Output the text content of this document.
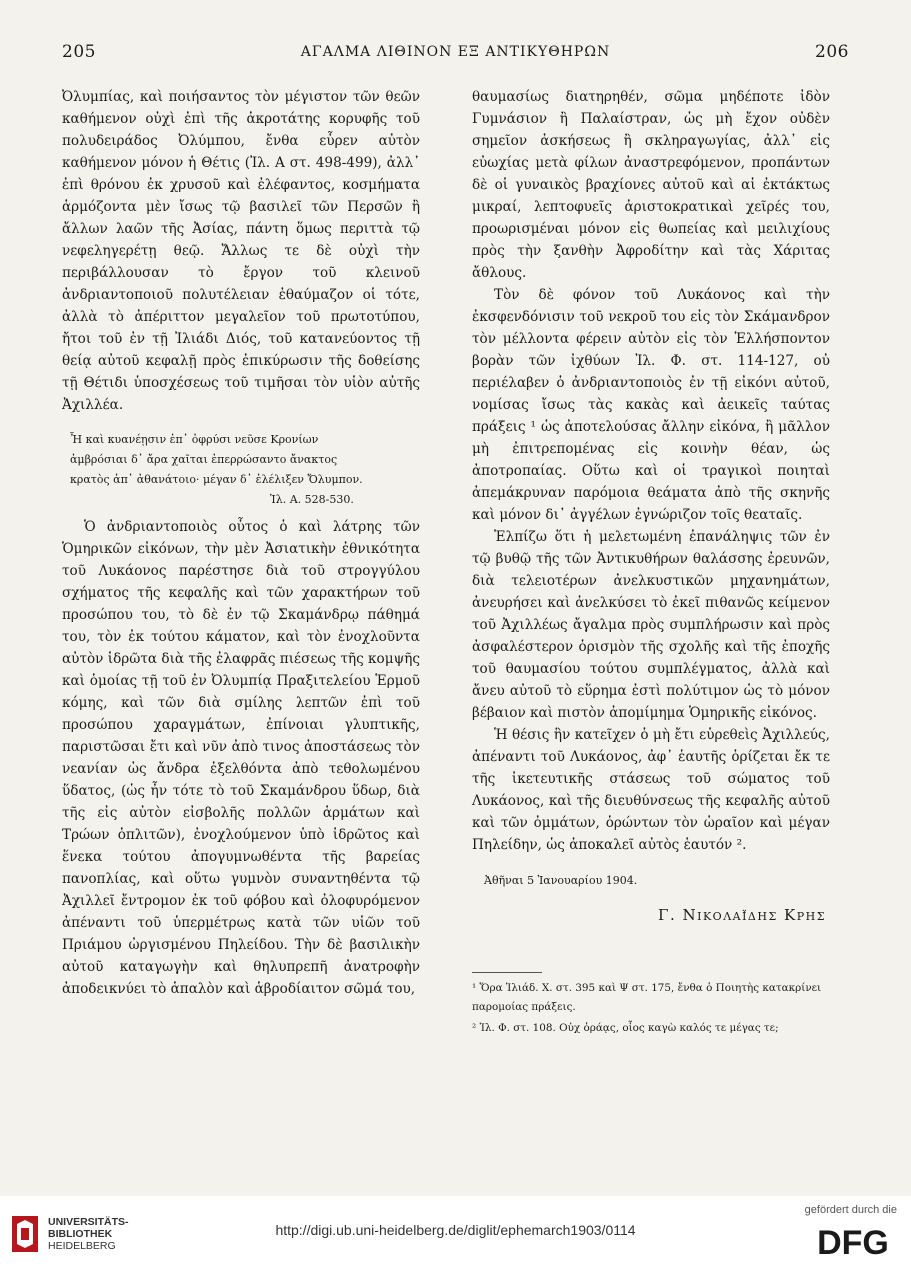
205	ΑΓΑΛΜΑ ΛΙΘΙΝΟΝ ΕΞ ΑΝΤΙΚΥΘΗΡΩΝ	206

Ὀλυμπίας, καὶ ποιήσαντος τὸν μέγιστον τῶν θεῶν καθήμενον οὐχὶ ἐπὶ τῆς ἀκροτάτης κορυφῆς τοῦ πολυδειράδος Ὀλύμπου, ἔνθα εὗρεν αὐτὸν καθήμενον μόνον ἡ Θέτις (Ἰλ. Α στ. 498-499), ἀλλ᾽ ἐπὶ θρόνου ἐκ χρυσοῦ καὶ ἐλέφαντος, κοσμήματα ἁρμόζοντα μὲν ἴσως τῷ βασιλεῖ τῶν Περσῶν ἢ ἄλλων λαῶν τῆς Ἀσίας, πάντη ὅμως περιττὰ τῷ νεφεληγερέτῃ θεῷ. Ἄλλως τε δὲ οὐχὶ τὴν περιβάλλουσαν τὸ ἔργον τοῦ κλεινοῦ ἀνδριαντοποιοῦ πολυτέλειαν ἐθαύμαζον οἱ τότε, ἀλλὰ τὸ ἀπέριττον μεγαλεῖον τοῦ πρωτοτύπου, ἤτοι τοῦ ἐν τῇ Ἰλιάδι Διός, τοῦ κατανεύοντος τῇ θείᾳ αὐτοῦ κεφαλῇ πρὸς ἐπικύρωσιν τῆς δοθείσης τῇ Θέτιδι ὑποσχέσεως τοῦ τιμῆσαι τὸν υἱὸν αὐτῆς Ἀχιλλέα.

Ἦ καὶ κυανέῃσιν ἐπ᾽ ὀφρύσι νεῦσε Κρονίων
ἀμβρόσιαι δ᾽ ἄρα χαῖται ἐπερρώσαντο ἄνακτος
κρατὸς ἀπ᾽ ἀθανάτοιο· μέγαν δ᾽ ἐλέλιξεν Ὄλυμπον.
Ἰλ. Α. 528-530.

Ὁ ἀνδριαντοποιὸς οὗτος ὁ καὶ λάτρης τῶν Ὁμηρικῶν εἰκόνων, τὴν μὲν Ἀσιατικὴν ἐθνικότητα τοῦ Λυκάονος παρέστησε διὰ τοῦ στρογγύλου σχήματος τῆς κεφαλῆς καὶ τῶν χαρακτήρων τοῦ προσώπου του, τὸ δὲ ἐν τῷ Σκαμάνδρῳ πάθημά του, τὸν ἐκ τούτου κάματον, καὶ τὸν ἐνοχλοῦντα αὐτὸν ἱδρῶτα διὰ τῆς ἐλαφρᾶς πιέσεως τῆς κομψῆς καὶ ὁμοίας τῇ τοῦ ἐν Ὀλυμπίᾳ Πραξιτελείου Ἑρμοῦ κόμης, καὶ τῶν διὰ σμίλης λεπτῶν ἐπὶ τοῦ προσώπου χαραγμάτων, ἐπίνοιαι γλυπτικῆς, παριστῶσαι ἔτι καὶ νῦν ἀπὸ τινος ἀποστάσεως τὸν νεανίαν ὡς ἄνδρα ἐξελθόντα ἀπὸ τεθολωμένου ὕδατος, (ὡς ἦν τότε τὸ τοῦ Σκαμάνδρου ὕδωρ, διὰ τῆς εἰς αὐτὸν εἰσβολῆς πολλῶν ἁρμάτων καὶ Τρώων ὁπλιτῶν), ἐνοχλούμενον ὑπὸ ἱδρῶτος καὶ ἕνεκα τούτου ἀπογυμνωθέντα τῆς βαρείας πανοπλίας, καὶ οὕτω γυμνὸν συναντηθέντα τῷ Ἀχιλλεῖ ἔντρομον ἐκ τοῦ φόβου καὶ ὀλοφυρόμενον ἀπέναντι τοῦ ὑπερμέτρως κατὰ τῶν υἱῶν τοῦ Πριάμου ὠργισμένου Πηλείδου. Τὴν δὲ βασιλικὴν αὐτοῦ καταγωγὴν καὶ θηλυπρεπῆ ἀνατροφὴν ἀποδεικνύει τὸ ἁπαλὸν καὶ ἁβροδίαιτον σῶμά του,

θαυμασίως διατηρηθέν, σῶμα μηδέποτε ἰδὸν Γυμνάσιον ἢ Παλαίστραν, ὡς μὴ ἔχον οὐδὲν σημεῖον ἀσκήσεως ἢ σκληραγωγίας, ἀλλ᾽ εἰς εὐωχίας μετὰ φίλων ἀναστρεφόμενον, προπάντων δὲ οἱ γυναικὸς βραχίονες αὐτοῦ καὶ αἱ ἐκτάκτως μικραί, λεπτοφυεῖς ἀριστοκρατικαὶ χεῖρές του, προωρισμέναι μόνον εἰς θωπείας καὶ μειλιχίους πρὸς τὴν ξανθὴν Ἀφροδίτην καὶ τὰς Χάριτας ἄθλους.

Τὸν δὲ φόνον τοῦ Λυκάονος καὶ τὴν ἐκσφενδόνισιν τοῦ νεκροῦ του εἰς τὸν Σκάμανδρον τὸν μέλλοντα φέρειν αὐτὸν εἰς τὸν Ἑλλήσποντον βορὰν τῶν ἰχθύων Ἰλ. Φ. στ. 114-127, οὐ περιέλαβεν ὁ ἀνδριαντοποιὸς ἐν τῇ εἰκόνι αὐτοῦ, νομίσας ἴσως τὰς κακὰς καὶ ἀεικεῖς ταύτας πράξεις ¹ ὡς ἀποτελούσας ἄλλην εἰκόνα, ἢ μᾶλλον μὴ ἐπιτρεπομένας εἰς κοινὴν θέαν, ὡς ἀποτροπαίας. Οὕτω καὶ οἱ τραγικοὶ ποιηταὶ ἀπεμάκρυναν παρόμοια θεάματα ἀπὸ τῆς σκηνῆς καὶ μόνον δι᾽ ἀγγέλων ἐγνώριζον τοῖς θεαταῖς.

Ἐλπίζω ὅτι ἡ μελετωμένη ἐπανάληψις τῶν ἐν τῷ βυθῷ τῆς τῶν Ἀντικυθήρων θαλάσσης ἐρευνῶν, διὰ τελειοτέρων ἀνελκυστικῶν μηχανημάτων, ἀνευρήσει καὶ ἀνελκύσει τὸ ἐκεῖ πιθανῶς κείμενον τοῦ Ἀχιλλέως ἄγαλμα πρὸς συμπλήρωσιν καὶ πρὸς ἀσφαλέστερον ὁρισμὸν τῆς σχολῆς καὶ τῆς ἐποχῆς τοῦ θαυμασίου τούτου συμπλέγματος, ἀλλὰ καὶ ἄνευ αὐτοῦ τὸ εὕρημα ἐστὶ πολύτιμον ὡς τὸ μόνον βέβαιον καὶ πιστὸν ἀπομίμημα Ὁμηρικῆς εἰκόνος.

Ἡ θέσις ἣν κατεῖχεν ὁ μὴ ἔτι εὑρεθεὶς Ἀχιλλεύς, ἀπέναντι τοῦ Λυκάονος, ἀφ᾽ ἑαυτῆς ὁρίζεται ἔκ τε τῆς ἱκετευτικῆς στάσεως τοῦ σώματος τοῦ Λυκάονος, καὶ τῆς διευθύνσεως τῆς κεφαλῆς αὐτοῦ καὶ τῶν ὀμμάτων, ὁρώντων τὸν ὡραῖον καὶ μέγαν Πηλείδην, ὡς ἀποκαλεῖ αὐτὸς ἑαυτόν ².

Ἀθῆναι 5 Ἰανουαρίου 1904.
Γ. Νικολαΐδης Κρης

¹ Ὅρα Ἰλιάδ. Χ. στ. 395 καὶ Ψ στ. 175, ἔνθα ὁ Ποιητὴς κατακρίνει παρομοίας πράξεις.

² Ἰλ. Φ. στ. 108. Οὐχ ὁράᾳς, οἷος καγὼ καλός τε μέγας τε;

UNIVERSITÄTS-
BIBLIOTHEK
HEIDELBERG
http://digi.ub.uni-heidelberg.de/diglit/ephemarch1903/0114
gefördert durch die
DFG
